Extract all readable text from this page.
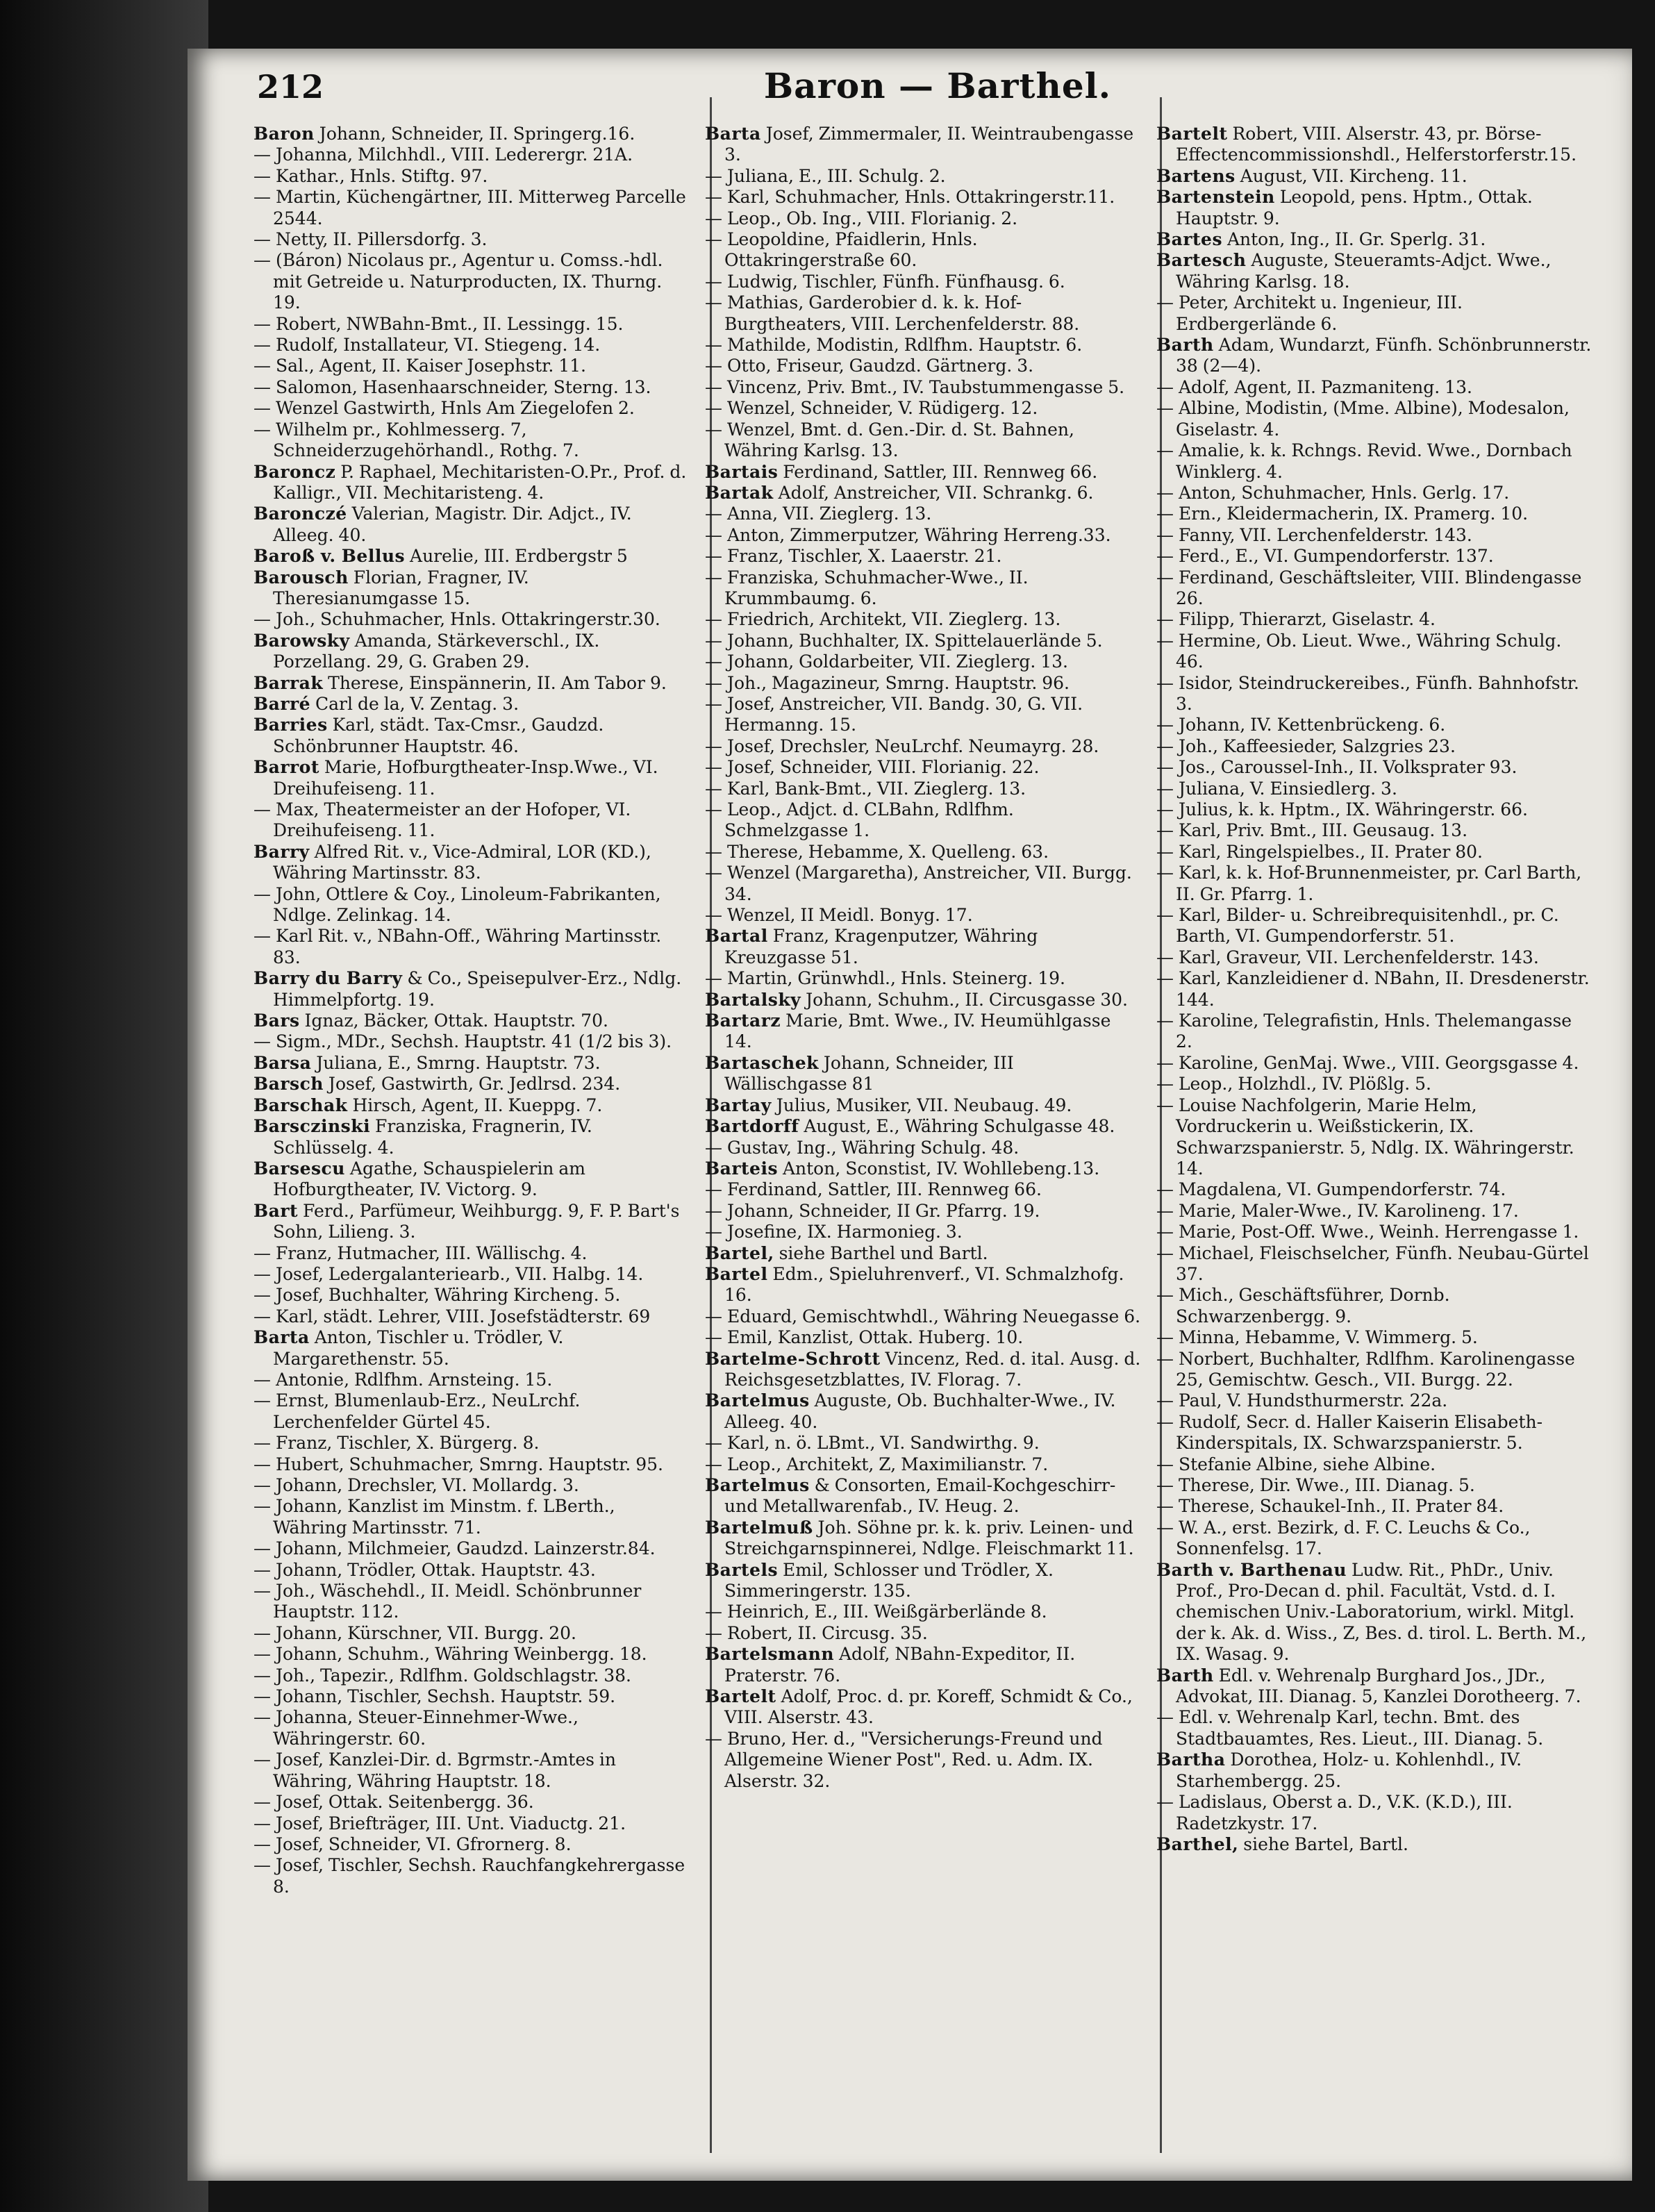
212	Baron — Barthel.
Baron Johann, Schneider, II. Springerg.16.
— Johanna, Milchhdl., VIII. Lederergr. 21A.
— Kathar., Hnls. Stiftg. 97.
— Martin, Küchengärtner, III. Mitterweg Parcelle 2544.
— Netty, II. Pillersdorfg. 3.
— (Báron) Nicolaus pr., Agentur u. Comss.-hdl. mit Getreide u. Naturproducten, IX. Thurng. 19.
— Robert, NWBahn-Bmt., II. Lessingg. 15.
— Rudolf, Installateur, VI. Stiegeng. 14.
— Sal., Agent, II. Kaiser Josephstr. 11.
— Salomon, Hasenhaarschneider, Sterng. 13.
— Wenzel Gastwirth, Hnls Am Ziegelofen 2.
— Wilhelm pr., Kohlmesserg. 7, Schneiderzugehörhandl., Rothg. 7.
Baroncz P. Raphael, Mechitaristen-O.Pr., Prof. d. Kalligr., VII. Mechitaristeng. 4.
Baronczé Valerian, Magistr. Dir. Adjct., IV. Alleeg. 40.
Baroß v. Bellus Aurelie, III. Erdbergstr 5
Barousch Florian, Fragner, IV. Theresianumgasse 15.
— Joh., Schuhmacher, Hnls. Ottakringerstr.30.
Barowsky Amanda, Stärkeverschl., IX. Porzellang. 29, G. Graben 29.
Barrak Therese, Einspännerin, II. Am Tabor 9.
Barré Carl de la, V. Zentag. 3.
Barries Karl, städt. Tax-Cmsr., Gaudzd. Schönbrunner Hauptstr. 46.
Barrot Marie, Hofburgtheater-Insp.Wwe., VI. Dreihufeiseng. 11.
— Max, Theatermeister an der Hofoper, VI. Dreihufeiseng. 11.
Barry Alfred Rit. v., Vice-Admiral, LOR (KD.), Währing Martinsstr. 83.
— John, Ottlere & Coy., Linoleum-Fabrikanten, Ndlge. Zelinkag. 14.
— Karl Rit. v., NBahn-Off., Währing Martinsstr. 83.
Barry du Barry & Co., Speisepulver-Erz., Ndlg. Himmelpfortg. 19.
Bars Ignaz, Bäcker, Ottak. Hauptstr. 70.
— Sigm., MDr., Sechsh. Hauptstr. 41 (1/2 bis 3).
Barsa Juliana, E., Smrng. Hauptstr. 73.
Barsch Josef, Gastwirth, Gr. Jedlrsd. 234.
Barschak Hirsch, Agent, II. Kueppg. 7.
Barsczinski Franziska, Fragnerin, IV. Schlüsselg. 4.
Barsescu Agathe, Schauspielerin am Hofburgtheater, IV. Victorg. 9.
Bart Ferd., Parfümeur, Weihburgg. 9, F. P. Bart's Sohn, Lilieng. 3.
— Franz, Hutmacher, III. Wällischg. 4.
— Josef, Ledergalanteriearb., VII. Halbg. 14.
— Josef, Buchhalter, Währing Kircheng. 5.
— Karl, städt. Lehrer, VIII. Josefstädterstr. 69
Barta Anton, Tischler u. Trödler, V. Margarethenstr. 55.
— Antonie, Rdlfhm. Arnsteing. 15.
— Ernst, Blumenlaub-Erz., NeuLrchf. Lerchenfelder Gürtel 45.
— Franz, Tischler, X. Bürgerg. 8.
— Hubert, Schuhmacher, Smrng. Hauptstr. 95.
— Johann, Drechsler, VI. Mollardg. 3.
— Johann, Kanzlist im Minstm. f. LBerth., Währing Martinsstr. 71.
— Johann, Milchmeier, Gaudzd. Lainzerstr.84.
— Johann, Trödler, Ottak. Hauptstr. 43.
— Joh., Wäschehdl., II. Meidl. Schönbrunner Hauptstr. 112.
— Johann, Kürschner, VII. Burgg. 20.
— Johann, Schuhm., Währing Weinbergg. 18.
— Joh., Tapezir., Rdlfhm. Goldschlagstr. 38.
— Johann, Tischler, Sechsh. Hauptstr. 59.
— Johanna, Steuer-Einnehmer-Wwe., Währingerstr. 60.
— Josef, Kanzlei-Dir. d. Bgrmstr.-Amtes in Währing, Währing Hauptstr. 18.
— Josef, Ottak. Seitenbergg. 36.
— Josef, Briefträger, III. Unt. Viaductg. 21.
— Josef, Schneider, VI. Gfrornerg. 8.
— Josef, Tischler, Sechsh. Rauchfangkehrergasse 8.
Barta Josef, Zimmermaler, II. Weintraubengasse 3.
— Juliana, E., III. Schulg. 2.
— Karl, Schuhmacher, Hnls. Ottakringerstr.11.
— Leop., Ob. Ing., VIII. Florianig. 2.
— Leopoldine, Pfaidlerin, Hnls. Ottakringerstraße 60.
— Ludwig, Tischler, Fünfh. Fünfhausg. 6.
— Mathias, Garderobier d. k. k. Hof-Burgtheaters, VIII. Lerchenfelderstr. 88.
— Mathilde, Modistin, Rdlfhm. Hauptstr. 6.
— Otto, Friseur, Gaudzd. Gärtnerg. 3.
— Vincenz, Priv. Bmt., IV. Taubstummengasse 5.
— Wenzel, Schneider, V. Rüdigerg. 12.
— Wenzel, Bmt. d. Gen.-Dir. d. St. Bahnen, Währing Karlsg. 13.
Bartais Ferdinand, Sattler, III. Rennweg 66.
Bartak Adolf, Anstreicher, VII. Schrankg. 6.
— Anna, VII. Zieglerg. 13.
— Anton, Zimmerputzer, Währing Herreng.33.
— Franz, Tischler, X. Laaerstr. 21.
— Franziska, Schuhmacher-Wwe., II. Krummbaumg. 6.
— Friedrich, Architekt, VII. Zieglerg. 13.
— Johann, Buchhalter, IX. Spittelauerlände 5.
— Johann, Goldarbeiter, VII. Zieglerg. 13.
— Joh., Magazineur, Smrng. Hauptstr. 96.
— Josef, Anstreicher, VII. Bandg. 30, G. VII. Hermanng. 15.
— Josef, Drechsler, NeuLrchf. Neumayrg. 28.
— Josef, Schneider, VIII. Florianig. 22.
— Karl, Bank-Bmt., VII. Zieglerg. 13.
— Leop., Adjct. d. CLBahn, Rdlfhm. Schmelzgasse 1.
— Therese, Hebamme, X. Quelleng. 63.
— Wenzel (Margaretha), Anstreicher, VII. Burgg. 34.
— Wenzel, II Meidl. Bonyg. 17.
Bartal Franz, Kragenputzer, Währing Kreuzgasse 51.
— Martin, Grünwhdl., Hnls. Steinerg. 19.
Bartalsky Johann, Schuhm., II. Circusgasse 30.
Bartarz Marie, Bmt. Wwe., IV. Heumühlgasse 14.
Bartaschek Johann, Schneider, III Wällischgasse 81
Bartay Julius, Musiker, VII. Neubaug. 49.
Bartdorff August, E., Währing Schulgasse 48.
— Gustav, Ing., Währing Schulg. 48.
Barteis Anton, Sconstist, IV. Wohllebeng.13.
— Ferdinand, Sattler, III. Rennweg 66.
— Johann, Schneider, II Gr. Pfarrg. 19.
— Josefine, IX. Harmonieg. 3.
Bartel, siehe Barthel und Bartl.
Bartel Edm., Spieluhrenverf., VI. Schmalzhofg. 16.
— Eduard, Gemischtwhdl., Währing Neuegasse 6.
— Emil, Kanzlist, Ottak. Huberg. 10.
Bartelme-Schrott Vincenz, Red. d. ital. Ausg. d. Reichsgesetzblattes, IV. Florag. 7.
Bartelmus Auguste, Ob. Buchhalter-Wwe., IV. Alleeg. 40.
— Karl, n. ö. LBmt., VI. Sandwirthg. 9.
— Leop., Architekt, Z, Maximilianstr. 7.
Bartelmus & Consorten, Email-Kochgeschirr- und Metallwarenfab., IV. Heug. 2.
Bartelmuß Joh. Söhne pr. k. k. priv. Leinen- und Streichgarnspinnerei, Ndlge. Fleischmarkt 11.
Bartels Emil, Schlosser und Trödler, X. Simmeringerstr. 135.
— Heinrich, E., III. Weißgärberlände 8.
— Robert, II. Circusg. 35.
Bartelsmann Adolf, NBahn-Expeditor, II. Praterstr. 76.
Bartelt Adolf, Proc. d. pr. Koreff, Schmidt & Co., VIII. Alserstr. 43.
— Bruno, Her. d., "Versicherungs-Freund und Allgemeine Wiener Post", Red. u. Adm. IX. Alserstr. 32.
Bartelt Robert, VIII. Alserstr. 43, pr. Börse-Effectencommissionshdl., Helferstorferstr.15.
Bartens August, VII. Kircheng. 11.
Bartenstein Leopold, pens. Hptm., Ottak. Hauptstr. 9.
Bartes Anton, Ing., II. Gr. Sperlg. 31.
Bartesch Auguste, Steueramts-Adjct. Wwe., Währing Karlsg. 18.
— Peter, Architekt u. Ingenieur, III. Erdbergerlände 6.
Barth Adam, Wundarzt, Fünfh. Schönbrunnerstr. 38 (2—4).
— Adolf, Agent, II. Pazmaniteng. 13.
— Albine, Modistin, (Mme. Albine), Modesalon, Giselastr. 4.
— Amalie, k. k. Rchngs. Revid. Wwe., Dornbach Winklerg. 4.
— Anton, Schuhmacher, Hnls. Gerlg. 17.
— Ern., Kleidermacherin, IX. Pramerg. 10.
— Fanny, VII. Lerchenfelderstr. 143.
— Ferd., E., VI. Gumpendorferstr. 137.
— Ferdinand, Geschäftsleiter, VIII. Blindengasse 26.
— Filipp, Thierarzt, Giselastr. 4.
— Hermine, Ob. Lieut. Wwe., Währing Schulg. 46.
— Isidor, Steindruckereibes., Fünfh. Bahnhofstr. 3.
— Johann, IV. Kettenbrückeng. 6.
— Joh., Kaffeesieder, Salzgries 23.
— Jos., Caroussel-Inh., II. Volksprater 93.
— Juliana, V. Einsiedlerg. 3.
— Julius, k. k. Hptm., IX. Währingerstr. 66.
— Karl, Priv. Bmt., III. Geusaug. 13.
— Karl, Ringelspielbes., II. Prater 80.
— Karl, k. k. Hof-Brunnenmeister, pr. Carl Barth, II. Gr. Pfarrg. 1.
— Karl, Bilder- u. Schreibrequisitenhdl., pr. C. Barth, VI. Gumpendorferstr. 51.
— Karl, Graveur, VII. Lerchenfelderstr. 143.
— Karl, Kanzleidiener d. NBahn, II. Dresdenerstr. 144.
— Karoline, Telegrafistin, Hnls. Thelemangasse 2.
— Karoline, GenMaj. Wwe., VIII. Georgsgasse 4.
— Leop., Holzhdl., IV. Plößlg. 5.
— Louise Nachfolgerin, Marie Helm, Vordruckerin u. Weißstickerin, IX. Schwarzspanierstr. 5, Ndlg. IX. Währingerstr. 14.
— Magdalena, VI. Gumpendorferstr. 74.
— Marie, Maler-Wwe., IV. Karolineng. 17.
— Marie, Post-Off. Wwe., Weinh. Herrengasse 1.
— Michael, Fleischselcher, Fünfh. Neubau-Gürtel 37.
— Mich., Geschäftsführer, Dornb. Schwarzenbergg. 9.
— Minna, Hebamme, V. Wimmerg. 5.
— Norbert, Buchhalter, Rdlfhm. Karolinengasse 25, Gemischtw. Gesch., VII. Burgg. 22.
— Paul, V. Hundsthurmerstr. 22a.
— Rudolf, Secr. d. Haller Kaiserin Elisabeth-Kinderspitals, IX. Schwarzspanierstr. 5.
— Stefanie Albine, siehe Albine.
— Therese, Dir. Wwe., III. Dianag. 5.
— Therese, Schaukel-Inh., II. Prater 84.
— W. A., erst. Bezirk, d. F. C. Leuchs & Co., Sonnenfelsg. 17.
Barth v. Barthenau Ludw. Rit., PhDr., Univ. Prof., Pro-Decan d. phil. Facultät, Vstd. d. I. chemischen Univ.-Laboratorium, wirkl. Mitgl. der k. Ak. d. Wiss., Z, Bes. d. tirol. L. Berth. M., IX. Wasag. 9.
Barth Edl. v. Wehrenalp Burghard Jos., JDr., Advokat, III. Dianag. 5, Kanzlei Dorotheerg. 7.
— Edl. v. Wehrenalp Karl, techn. Bmt. des Stadtbauamtes, Res. Lieut., III. Dianag. 5.
Bartha Dorothea, Holz- u. Kohlenhdl., IV. Starhembergg. 25.
— Ladislaus, Oberst a. D., V.K. (K.D.), III. Radetzkystr. 17.
Barthel, siehe Bartel, Bartl.
